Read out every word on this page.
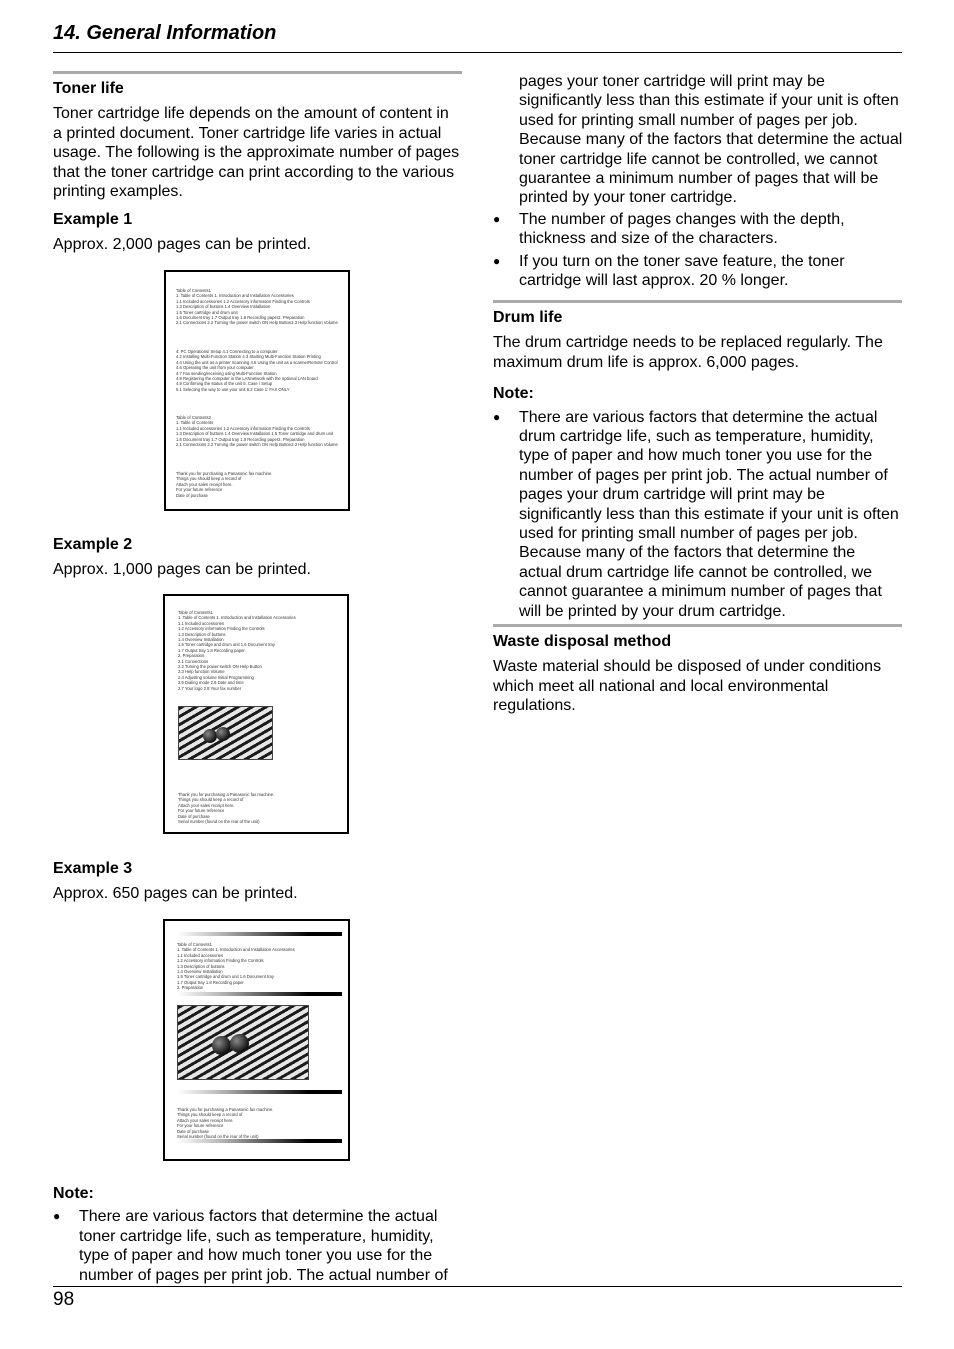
14. General Information

Toner life

Toner cartridge life depends on the amount of content in a printed document. Toner cartridge life varies in actual usage. The following is the approximate number of pages that the toner cartridge can print according to the various printing examples.

Example 1

Approx. 2,000 pages can be printed.

Table of Contents1
1. Table of Contents 1. Introduction and Installation Accessories
1.1 Included accessories 1.2 Accessory information Finding the Controls
1.3 Description of buttons 1.4 Overview Installation
1.5 Toner cartridge and drum unit
1.6 Document tray 1.7 Output tray 1.8 Recording paper2. Preparation
2.1 Connections 2.2 Turning the power switch ON Help Button2.3 Help function Volume
4. PC Operations/ Setup 4.1 Connecting to a computer
4.2 Installing Multi-Function Station 4.3 Starting Multi-Function Station Printing
4.4 Using the unit as a printer Scanning 4.5 Using the unit as a scannerRemote Control
4.6 Operating the unit from your computer
4.7 Fax sending/receiving using Multi-Function Station
4.8 Registering the computer in the LANnetwork with the optional LAN board
4.9 Confirming the status of the unit 5. Case / Setup
5.1 Selecting the way to use your unit 6.2 Case 1: FAX ONLY
Table of Contents2
1. Table of Contents
1.1 Included accessories 1.2 Accessory information Finding the Controls
1.3 Description of buttons 1.4 Overview Installation 1.5 Toner cartridge and drum unit
1.6 Document tray 1.7 Output tray 1.8 Recording paper2. Preparation
2.1 Connections 2.2 Turning the power switch ON Help Button2.3 Help function Volume
Thank you for purchasing a Panasonic fax machine.
Things you should keep a record of
Attach your sales receipt here.
For your future reference
Date of purchase

Example 2

Approx. 1,000 pages can be printed.

Table of Contents1
1. Table of Contents 1. Introduction and Installation Accessories
1.1 Included accessories
1.2 Accessory information Finding the Controls
1.3 Description of buttons
1.4 Overview Installation
1.5 Toner cartridge and drum unit 1.6 Document tray
1.7 Output tray 1.8 Recording paper
2. Preparation
2.1 Connections
2.2 Turning the power switch ON Help Button
2.3 Help function Volume
2.4 Adjusting volume Initial Programming
2.5 Dialing mode 2.6 Date and time
2.7 Your logo 2.8 Your fax number
Thank you for purchasing a Panasonic fax machine.
Things you should keep a record of
Attach your sales receipt here.
For your future reference
Date of purchase
Serial number (found on the rear of the unit)

Example 3

Approx. 650 pages can be printed.

Table of Contents1
1. Table of Contents 1. Introduction and Installation Accessories
1.1 Included accessories
1.2 Accessory information Finding the Controls
1.3 Description of buttons
1.4 Overview Installation
1.5 Toner cartridge and drum unit 1.6 Document tray
1.7 Output tray 1.8 Recording paper
2. Preparation
Thank you for purchasing a Panasonic fax machine.
Things you should keep a record of
Attach your sales receipt here.
For your future reference
Date of purchase
Serial number (found on the rear of the unit)

Note:

● There are various factors that determine the actual toner cartridge life, such as temperature, humidity, type of paper and how much toner you use for the number of pages per print job. The actual number of

pages your toner cartridge will print may be significantly less than this estimate if your unit is often used for printing small number of pages per job. Because many of the factors that determine the actual toner cartridge life cannot be controlled, we cannot guarantee a minimum number of pages that will be printed by your toner cartridge.

● The number of pages changes with the depth, thickness and size of the characters.
● If you turn on the toner save feature, the toner cartridge will last approx. 20 % longer.

Drum life

The drum cartridge needs to be replaced regularly. The maximum drum life is approx. 6,000 pages.

Note:

● There are various factors that determine the actual drum cartridge life, such as temperature, humidity, type of paper and how much toner you use for the number of pages per print job. The actual number of pages your drum cartridge will print may be significantly less than this estimate if your unit is often used for printing small number of pages per job. Because many of the factors that determine the actual drum cartridge life cannot be controlled, we cannot guarantee a minimum number of pages that will be printed by your drum cartridge.

Waste disposal method

Waste material should be disposed of under conditions which meet all national and local environmental regulations.

98
